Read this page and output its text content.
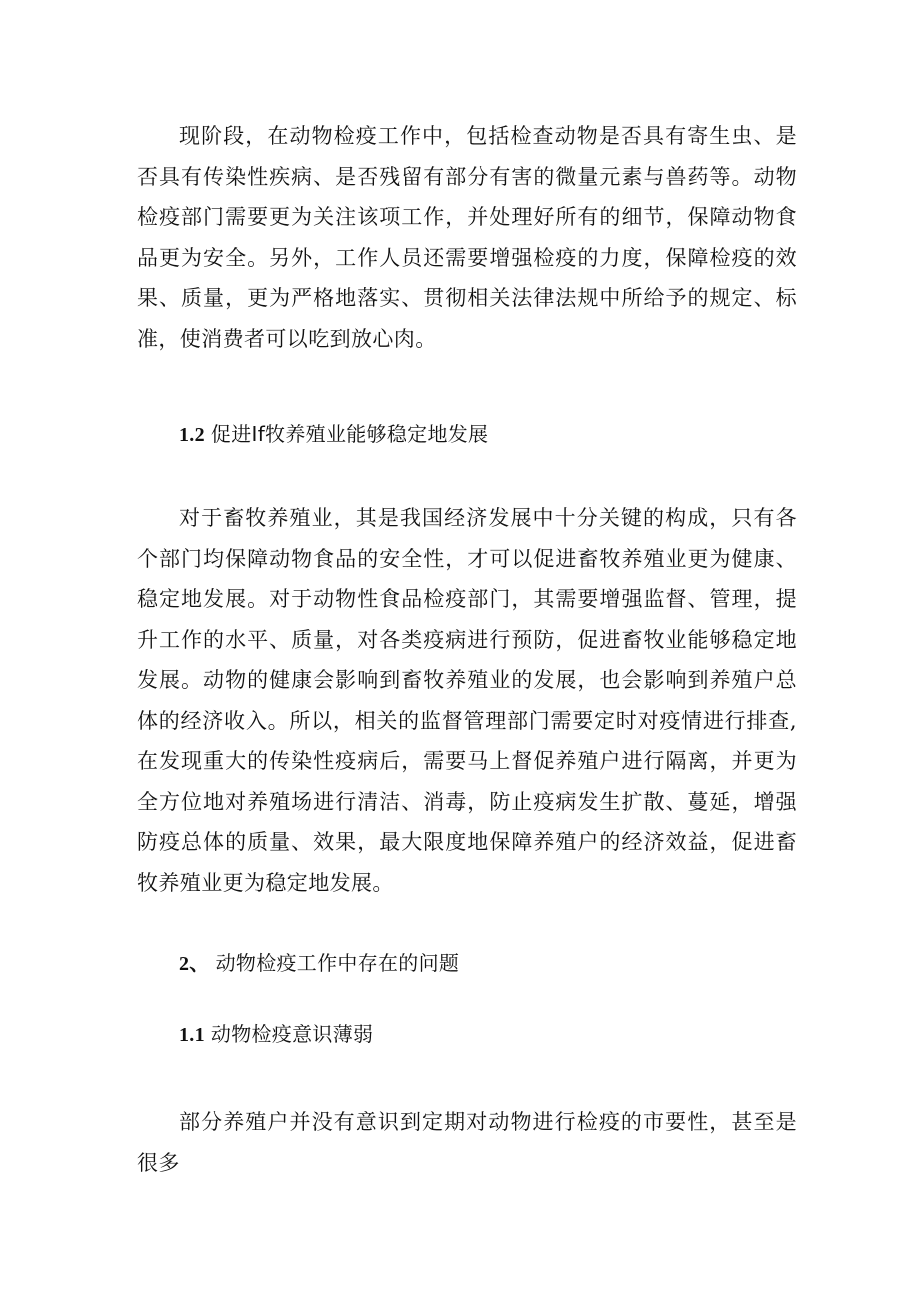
现阶段，在动物检疫工作中，包括检查动物是否具有寄生虫、是否具有传染性疾病、是否残留有部分有害的微量元素与兽药等。动物检疫部门需要更为关注该项工作，并处理好所有的细节，保障动物食品更为安全。另外，工作人员还需要增强检疫的力度，保障检疫的效果、质量，更为严格地落实、贯彻相关法律法规中所给予的规定、标准，使消费者可以吃到放心肉。

1.2 促进If牧养殖业能够稳定地发展

对于畜牧养殖业，其是我国经济发展中十分关键的构成，只有各个部门均保障动物食品的安全性，才可以促进畜牧养殖业更为健康、稳定地发展。对于动物性食品检疫部门，其需要增强监督、管理，提升工作的水平、质量，对各类疫病进行预防，促进畜牧业能够稳定地发展。动物的健康会影响到畜牧养殖业的发展，也会影响到养殖户总体的经济收入。所以，相关的监督管理部门需要定时对疫情进行排查,在发现重大的传染性疫病后，需要马上督促养殖户进行隔离，并更为全方位地对养殖场进行清洁、消毒，防止疫病发生扩散、蔓延，增强防疫总体的质量、效果，最大限度地保障养殖户的经济效益，促进畜牧养殖业更为稳定地发展。

2、 动物检疫工作中存在的问题
1.1 动物检疫意识薄弱

部分养殖户并没有意识到定期对动物进行检疫的市要性，甚至是很多
